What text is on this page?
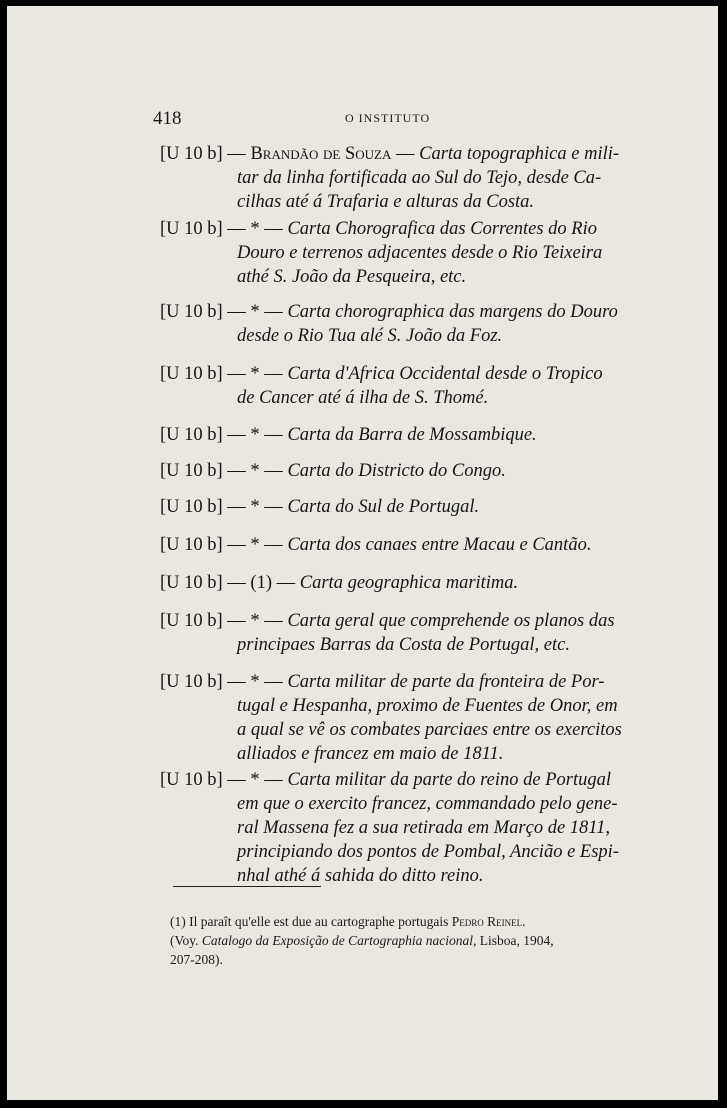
418	O INSTITUTO
[U 10 b] — Brandão de Souza — Carta topographica e mili-
tar da linha fortificada ao Sul do Tejo, desde Ca-
cilhas até á Trafaria e alturas da Costa.
[U 10 b] — * — Carta Chorografica das Correntes do Rio
Douro e terrenos adjacentes desde o Rio Teixeira
athé S. João da Pesqueira, etc.
[U 10 b] — * — Carta chorographica das margens do Douro
desde o Rio Tua alé S. João da Foz.
[U 10 b] — * — Carta d'Africa Occidental desde o Tropico
de Cancer até á ilha de S. Thomé.
[U 10 b] — * — Carta da Barra de Mossambique.
[U 10 b] — * — Carta do Districto do Congo.
[U 10 b] — * — Carta do Sul de Portugal.
[U 10 b] — * — Carta dos canaes entre Macau e Cantão.
[U 10 b] — (1) — Carta geographica maritima.
[U 10 b] — * — Carta geral que comprehende os planos das
principaes Barras da Costa de Portugal, etc.
[U 10 b] — * — Carta militar de parte da fronteira de Por-
tugal e Hespanha, proximo de Fuentes de Onor, em
a qual se vê os combates parciaes entre os exercitos
alliados e francez em maio de 1811.
[U 10 b] — * — Carta militar da parte do reino de Portugal
em que o exercito francez, commandado pelo gene-
ral Massena fez a sua retirada em Março de 1811,
principiando dos pontos de Pombal, Ancião e Espi-
nhal athé á sahida do ditto reino.
(1) Il paraît qu'elle est due au cartographe portugais Pedro Reinel.
(Voy. Catalogo da Exposição de Cartographia nacional, Lisboa, 1904,
207-208).
